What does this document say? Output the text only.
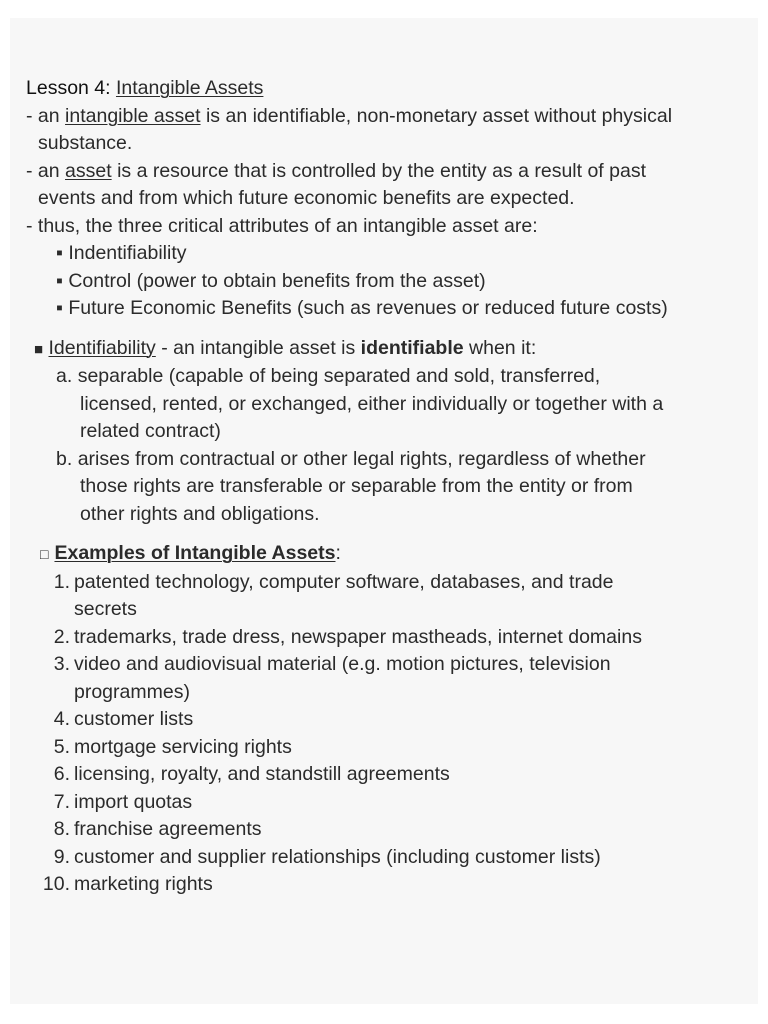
Lesson 4: Intangible Assets
- an intangible asset is an identifiable, non-monetary asset without physical
substance.
- an asset is a resource that is controlled by the entity as a result of past
events and from which future economic benefits are expected.
- thus, the three critical attributes of an intangible asset are:
▪ Indentifiability
▪ Control (power to obtain benefits from the asset)
▪ Future Economic Benefits (such as revenues or reduced future costs)
■ Identifiability - an intangible asset is identifiable when it:
a. separable (capable of being separated and sold, transferred,
licensed, rented, or exchanged, either individually or together with a
related contract)
b. arises from contractual or other legal rights, regardless of whether
those rights are transferable or separable from the entity or from
other rights and obligations.
□ Examples of Intangible Assets:
1. patented technology, computer software, databases, and trade
secrets
2. trademarks, trade dress, newspaper mastheads, internet domains
3. video and audiovisual material (e.g. motion pictures, television
programmes)
4. customer lists
5. mortgage servicing rights
6. licensing, royalty, and standstill agreements
7. import quotas
8. franchise agreements
9. customer and supplier relationships (including customer lists)
10. marketing rights
